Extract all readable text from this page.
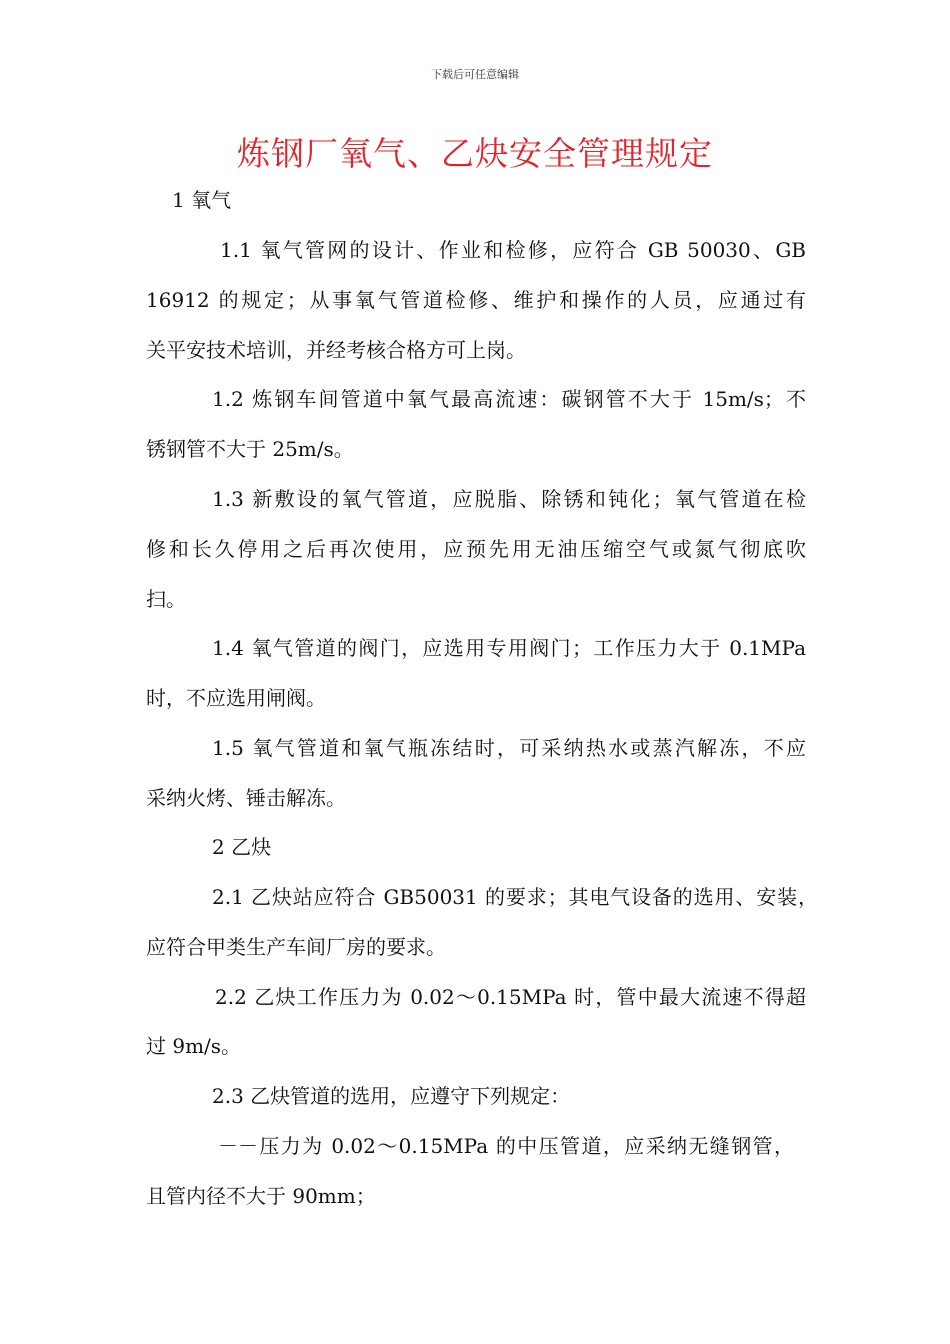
下载后可任意编辑
炼钢厂氧气、乙炔安全管理规定
1 氧气
1.1 氧气管网的设计、作业和检修，应符合 GB 50030、GB
16912 的规定；从事氧气管道检修、维护和操作的人员，应通过有
关平安技术培训，并经考核合格方可上岗。
1.2 炼钢车间管道中氧气最高流速：碳钢管不大于 15m/s；不
锈钢管不大于 25m/s。
1.3 新敷设的氧气管道，应脱脂、除锈和钝化；氧气管道在检
修和长久停用之后再次使用，应预先用无油压缩空气或氮气彻底吹
扫。
1.4 氧气管道的阀门，应选用专用阀门；工作压力大于 0.1MPa
时，不应选用闸阀。
1.5 氧气管道和氧气瓶冻结时，可采纳热水或蒸汽解冻，不应
采纳火烤、锤击解冻。
2 乙炔
2.1 乙炔站应符合 GB50031 的要求；其电气设备的选用、安装，
应符合甲类生产车间厂房的要求。
2.2 乙炔工作压力为 0.02～0.15MPa 时，管中最大流速不得超
过 9m/s。
2.3 乙炔管道的选用，应遵守下列规定：
－－压力为 0.02～0.15MPa 的中压管道，应采纳无缝钢管，
且管内径不大于 90mm；
